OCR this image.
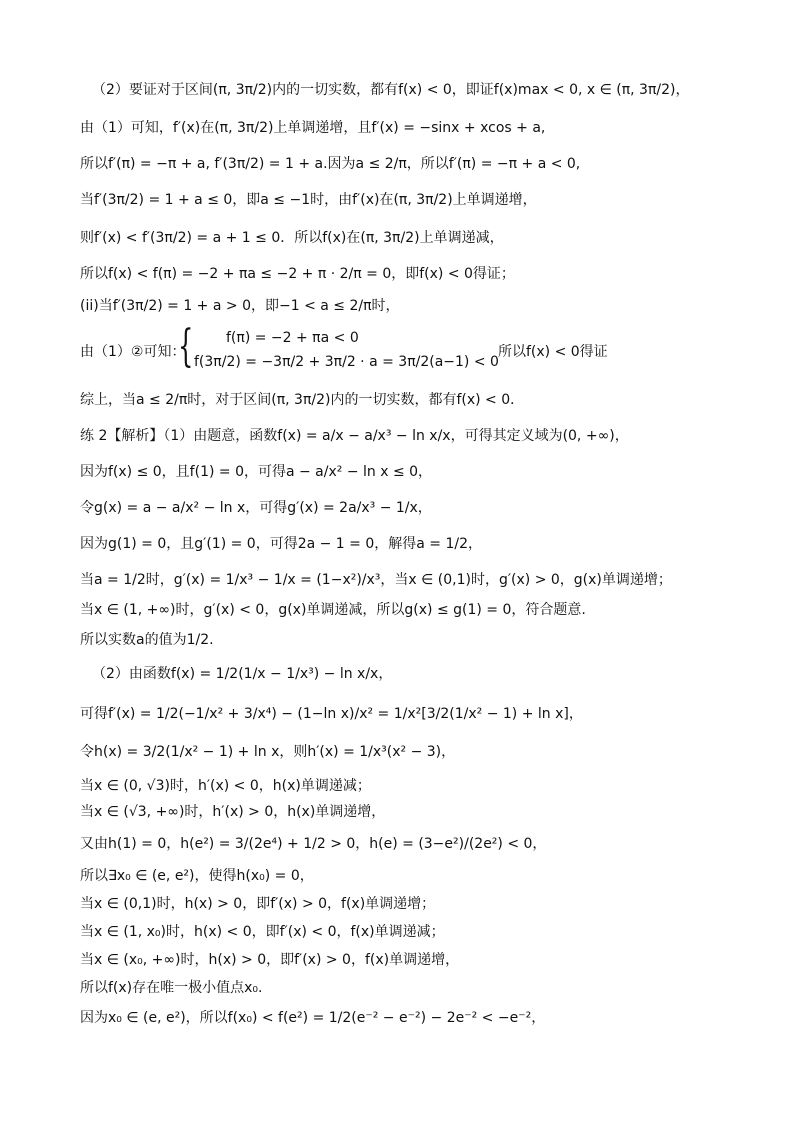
（2）要证对于区间(π, 3π/2)内的一切实数，都有f(x) < 0，即证f(x)max < 0, x ∈ (π, 3π/2)，
由（1）可知，f′(x)在(π, 3π/2)上单调递增，且f′(x) = −sinx + xcos + a,
所以f′(π) = −π + a, f′(3π/2) = 1 + a.因为a ≤ 2/π，所以f′(π) = −π + a < 0,
当f′(3π/2) = 1 + a ≤ 0，即a ≤ −1时，由f′(x)在(π, 3π/2)上单调递增，
则f′(x) < f′(3π/2) = a + 1 ≤ 0．所以f(x)在(π, 3π/2)上单调递减，
所以f(x) < f(π) = −2 + πa ≤ −2 + π · 2/π = 0，即f(x) < 0得证；
(ii)当f′(3π/2) = 1 + a > 0，即−1 < a ≤ 2/π时，
由（1）②可知：
{ f(π) = −2 + πa < 0
f(3π/2) = −3π/2 + 3π/2 · a = 3π/2(a−1) < 0
所以f(x) < 0得证
综上，当a ≤ 2/π时，对于区间(π, 3π/2)内的一切实数，都有f(x) < 0．
练 2【解析】（1）由题意，函数f(x) = a/x − a/x³ − ln x/x，可得其定义域为(0, +∞)，
因为f(x) ≤ 0，且f(1) = 0，可得a − a/x² − ln x ≤ 0，
令g(x) = a − a/x² − ln x，可得g′(x) = 2a/x³ − 1/x，
因为g(1) = 0，且g′(1) = 0，可得2a − 1 = 0，解得a = 1/2，
当a = 1/2时，g′(x) = 1/x³ − 1/x = (1−x²)/x³，当x ∈ (0,1)时，g′(x) > 0，g(x)单调递增；
当x ∈ (1, +∞)时，g′(x) < 0，g(x)单调递减，所以g(x) ≤ g(1) = 0，符合题意.
所以实数a的值为1/2.
（2）由函数f(x) = 1/2(1/x − 1/x³) − ln x/x，
可得f′(x) = 1/2(−1/x² + 3/x⁴) − (1−ln x)/x² = 1/x²[3/2(1/x² − 1) + ln x]，
令h(x) = 3/2(1/x² − 1) + ln x，则h′(x) = 1/x³(x² − 3)，
当x ∈ (0, √3)时，h′(x) < 0，h(x)单调递减；
当x ∈ (√3, +∞)时，h′(x) > 0，h(x)单调递增，
又由h(1) = 0，h(e²) = 3/(2e⁴) + 1/2 > 0，h(e) = (3−e²)/(2e²) < 0，
所以∃x₀ ∈ (e, e²)，使得h(x₀) = 0，
当x ∈ (0,1)时，h(x) > 0，即f′(x) > 0，f(x)单调递增；
当x ∈ (1, x₀)时，h(x) < 0，即f′(x) < 0，f(x)单调递减；
当x ∈ (x₀, +∞)时，h(x) > 0，即f′(x) > 0，f(x)单调递增，
所以f(x)存在唯一极小值点x₀.
因为x₀ ∈ (e, e²)，所以f(x₀) < f(e²) = 1/2(e⁻² − e⁻²) − 2e⁻² < −e⁻²，
